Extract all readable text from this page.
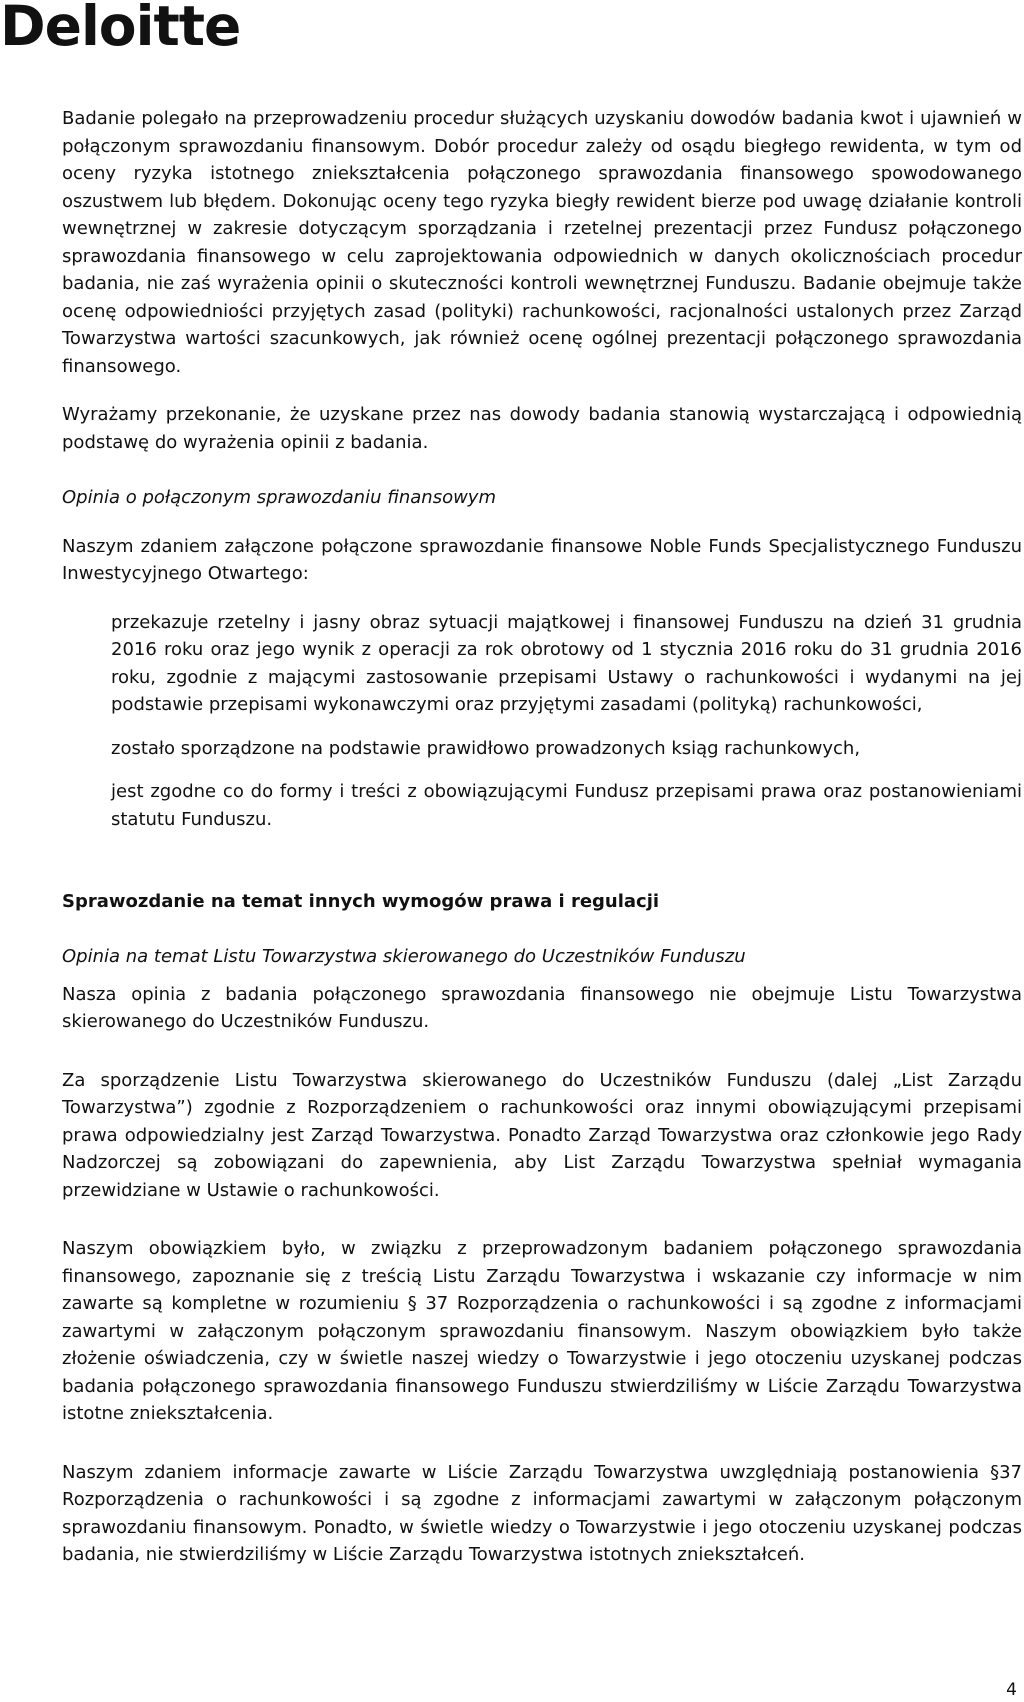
Deloitte

Badanie polegało na przeprowadzeniu procedur służących uzyskaniu dowodów badania kwot i ujawnień w połączonym sprawozdaniu finansowym. Dobór procedur zależy od osądu biegłego rewidenta, w tym od oceny ryzyka istotnego zniekształcenia połączonego sprawozdania finansowego spowodowanego oszustwem lub błędem. Dokonując oceny tego ryzyka biegły rewident bierze pod uwagę działanie kontroli wewnętrznej w zakresie dotyczącym sporządzania i rzetelnej prezentacji przez Fundusz połączonego sprawozdania finansowego w celu zaprojektowania odpowiednich w danych okolicznościach procedur badania, nie zaś wyrażenia opinii o skuteczności kontroli wewnętrznej Funduszu. Badanie obejmuje także ocenę odpowiedniości przyjętych zasad (polityki) rachunkowości, racjonalności ustalonych przez Zarząd Towarzystwa wartości szacunkowych, jak również ocenę ogólnej prezentacji połączonego sprawozdania finansowego.

Wyrażamy przekonanie, że uzyskane przez nas dowody badania stanowią wystarczającą i odpowiednią podstawę do wyrażenia opinii z badania.

Opinia o połączonym sprawozdaniu finansowym

Naszym zdaniem załączone połączone sprawozdanie finansowe Noble Funds Specjalistycznego Funduszu Inwestycyjnego Otwartego:

przekazuje rzetelny i jasny obraz sytuacji majątkowej i finansowej Funduszu na dzień 31 grudnia 2016 roku oraz jego wynik z operacji za rok obrotowy od 1 stycznia 2016 roku do 31 grudnia 2016 roku, zgodnie z mającymi zastosowanie przepisami Ustawy o rachunkowości i wydanymi na jej podstawie przepisami wykonawczymi oraz przyjętymi zasadami (polityką) rachunkowości,
zostało sporządzone na podstawie prawidłowo prowadzonych ksiąg rachunkowych,
jest zgodne co do formy i treści z obowiązującymi Fundusz przepisami prawa oraz postanowieniami statutu Funduszu.

Sprawozdanie na temat innych wymogów prawa i regulacji

Opinia na temat Listu Towarzystwa skierowanego do Uczestników Funduszu

Nasza opinia z badania połączonego sprawozdania finansowego nie obejmuje Listu Towarzystwa skierowanego do Uczestników Funduszu.

Za sporządzenie Listu Towarzystwa skierowanego do Uczestników Funduszu (dalej „List Zarządu Towarzystwa”) zgodnie z Rozporządzeniem o rachunkowości oraz innymi obowiązującymi przepisami prawa odpowiedzialny jest Zarząd Towarzystwa. Ponadto Zarząd Towarzystwa oraz członkowie jego Rady Nadzorczej są zobowiązani do zapewnienia, aby List Zarządu Towarzystwa spełniał wymagania przewidziane w Ustawie o rachunkowości.

Naszym obowiązkiem było, w związku z przeprowadzonym badaniem połączonego sprawozdania finansowego, zapoznanie się z treścią Listu Zarządu Towarzystwa i wskazanie czy informacje w nim zawarte są kompletne w rozumieniu § 37 Rozporządzenia o rachunkowości i są zgodne z informacjami zawartymi w załączonym połączonym sprawozdaniu finansowym. Naszym obowiązkiem było także złożenie oświadczenia, czy w świetle naszej wiedzy o Towarzystwie i jego otoczeniu uzyskanej podczas badania połączonego sprawozdania finansowego Funduszu stwierdziliśmy w Liście Zarządu Towarzystwa istotne zniekształcenia.

Naszym zdaniem informacje zawarte w Liście Zarządu Towarzystwa uwzględniają postanowienia §37 Rozporządzenia o rachunkowości i są zgodne z informacjami zawartymi w załączonym połączonym sprawozdaniu finansowym. Ponadto, w świetle wiedzy o Towarzystwie i jego otoczeniu uzyskanej podczas badania, nie stwierdziliśmy w Liście Zarządu Towarzystwa istotnych zniekształceń.

4
